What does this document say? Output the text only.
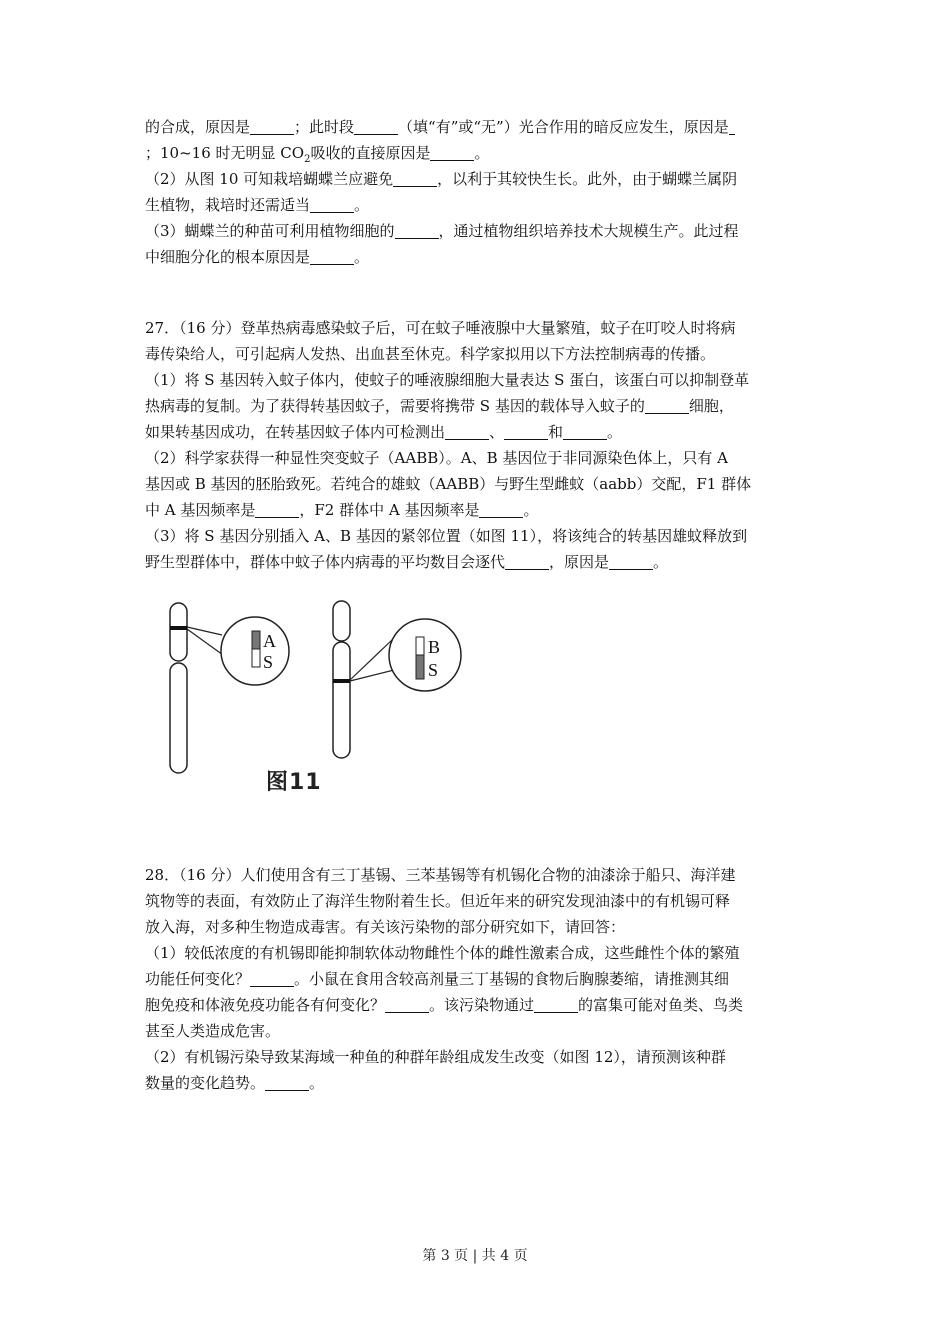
的合成，原因是	；此时段	（填“有”或“无”）光合作用的暗反应发生，原因是
；10~16 时无明显 $CO_2$吸收的直接原因是	。
（2）从图 10 可知栽培蝴蝶兰应避免	，以利于其较快生长。此外，由于蝴蝶兰属阴
生植物，栽培时还需适当	。
（3）蝴蝶兰的种苗可利用植物细胞的	，通过植物组织培养技术大规模生产。此过程
中细胞分化的根本原因是	。
27．（16 分）登革热病毒感染蚊子后，可在蚊子唾液腺中大量繁殖，蚊子在叮咬人时将病
毒传染给人，可引起病人发热、出血甚至休克。科学家拟用以下方法控制病毒的传播。
（1）将 S 基因转入蚊子体内，使蚊子的唾液腺细胞大量表达 S 蛋白，该蛋白可以抑制登革
热病毒的复制。为了获得转基因蚊子，需要将携带 S 基因的载体导入蚊子的	细胞，
如果转基因成功，在转基因蚊子体内可检测出	、	和	。
（2）科学家获得一种显性突变蚊子（AABB）。A、B 基因位于非同源染色体上，只有 A
基因或 B 基因的胚胎致死。若纯合的雄蚊（AABB）与野生型雌蚊（aabb）交配，F1 群体
中 A 基因频率是	，F2 群体中 A 基因频率是	。
（3）将 S 基因分别插入 A、B 基因的紧邻位置（如图 11），将该纯合的转基因雄蚊释放到
野生型群体中，群体中蚊子体内病毒的平均数目会逐代	，原因是	。
A
S
B
S
图11
28．（16 分）人们使用含有三丁基锡、三苯基锡等有机锡化合物的油漆涂于船只、海洋建
筑物等的表面，有效防止了海洋生物附着生长。但近年来的研究发现油漆中的有机锡可释
放入海，对多种生物造成毒害。有关该污染物的部分研究如下，请回答：
（1）较低浓度的有机锡即能抑制软体动物雌性个体的雌性激素合成，这些雌性个体的繁殖
功能任何变化？	。小鼠在食用含较高剂量三丁基锡的食物后胸腺萎缩，请推测其细
胞免疫和体液免疫功能各有何变化？	。该污染物通过	的富集可能对鱼类、鸟类
甚至人类造成危害。
（2）有机锡污染导致某海域一种鱼的种群年龄组成发生改变（如图 12），请预测该种群
数量的变化趋势。	。
第 3 页 | 共 4 页
